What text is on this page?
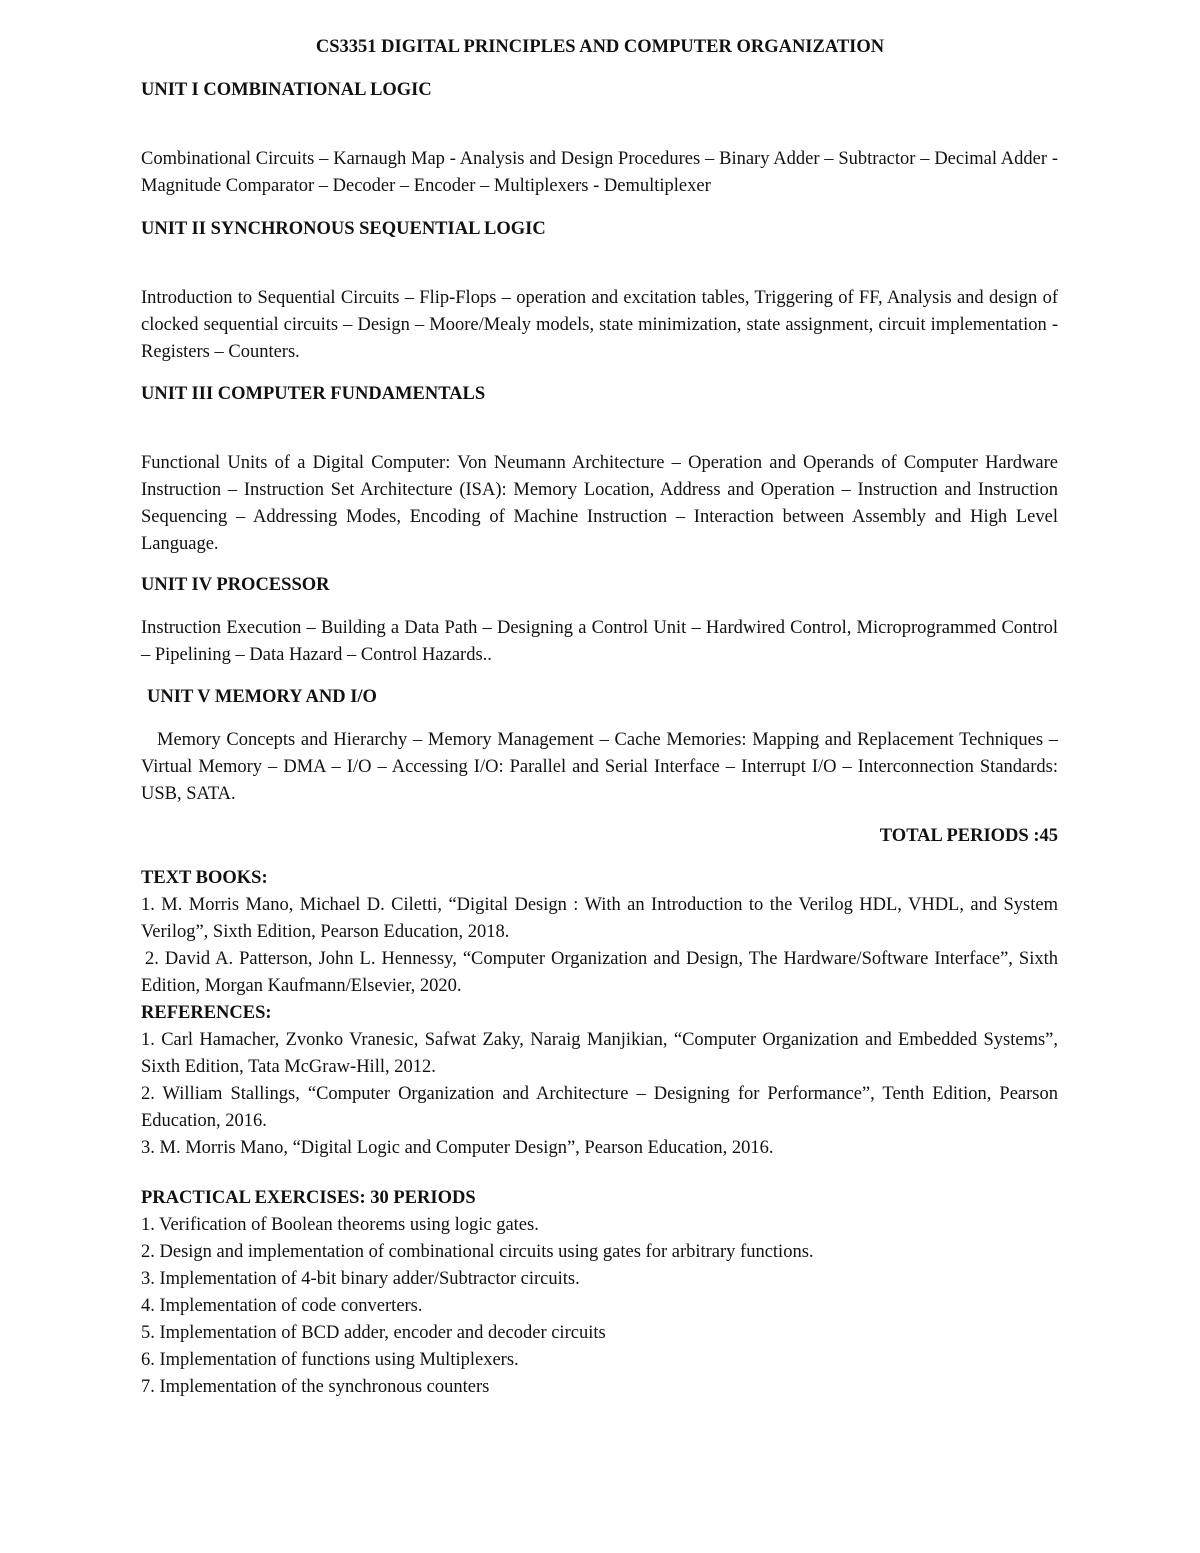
CS3351 DIGITAL PRINCIPLES AND COMPUTER ORGANIZATION

UNIT I COMBINATIONAL LOGIC

Combinational Circuits – Karnaugh Map - Analysis and Design Procedures – Binary Adder – Subtractor – Decimal Adder - Magnitude Comparator – Decoder – Encoder – Multiplexers - Demultiplexer

UNIT II SYNCHRONOUS SEQUENTIAL LOGIC

Introduction to Sequential Circuits – Flip-Flops – operation and excitation tables, Triggering of FF, Analysis and design of clocked sequential circuits – Design – Moore/Mealy models, state minimization, state assignment, circuit implementation - Registers – Counters.

UNIT III COMPUTER FUNDAMENTALS

Functional Units of a Digital Computer: Von Neumann Architecture – Operation and Operands of Computer Hardware Instruction – Instruction Set Architecture (ISA): Memory Location, Address and Operation – Instruction and Instruction Sequencing – Addressing Modes, Encoding of Machine Instruction – Interaction between Assembly and High Level Language.

UNIT IV PROCESSOR

Instruction Execution – Building a Data Path – Designing a Control Unit – Hardwired Control, Microprogrammed Control – Pipelining – Data Hazard – Control Hazards..

UNIT V MEMORY AND I/O

Memory Concepts and Hierarchy – Memory Management – Cache Memories: Mapping and Replacement Techniques – Virtual Memory – DMA – I/O – Accessing I/O: Parallel and Serial Interface – Interrupt I/O – Interconnection Standards: USB, SATA.

TOTAL PERIODS :45

TEXT BOOKS:

1. M. Morris Mano, Michael D. Ciletti, “Digital Design : With an Introduction to the Verilog HDL, VHDL, and System Verilog”, Sixth Edition, Pearson Education, 2018.

2. David A. Patterson, John L. Hennessy, “Computer Organization and Design, The Hardware/Software Interface”, Sixth Edition, Morgan Kaufmann/Elsevier, 2020.

REFERENCES:

1. Carl Hamacher, Zvonko Vranesic, Safwat Zaky, Naraig Manjikian, “Computer Organization and Embedded Systems”, Sixth Edition, Tata McGraw-Hill, 2012.

2. William Stallings, “Computer Organization and Architecture – Designing for Performance”, Tenth Edition, Pearson Education, 2016.

3. M. Morris Mano, “Digital Logic and Computer Design”, Pearson Education, 2016.

PRACTICAL EXERCISES: 30 PERIODS

1. Verification of Boolean theorems using logic gates.

2. Design and implementation of combinational circuits using gates for arbitrary functions.

3. Implementation of 4-bit binary adder/Subtractor circuits.

4. Implementation of code converters.

5. Implementation of BCD adder, encoder and decoder circuits

6. Implementation of functions using Multiplexers.

7. Implementation of the synchronous counters
